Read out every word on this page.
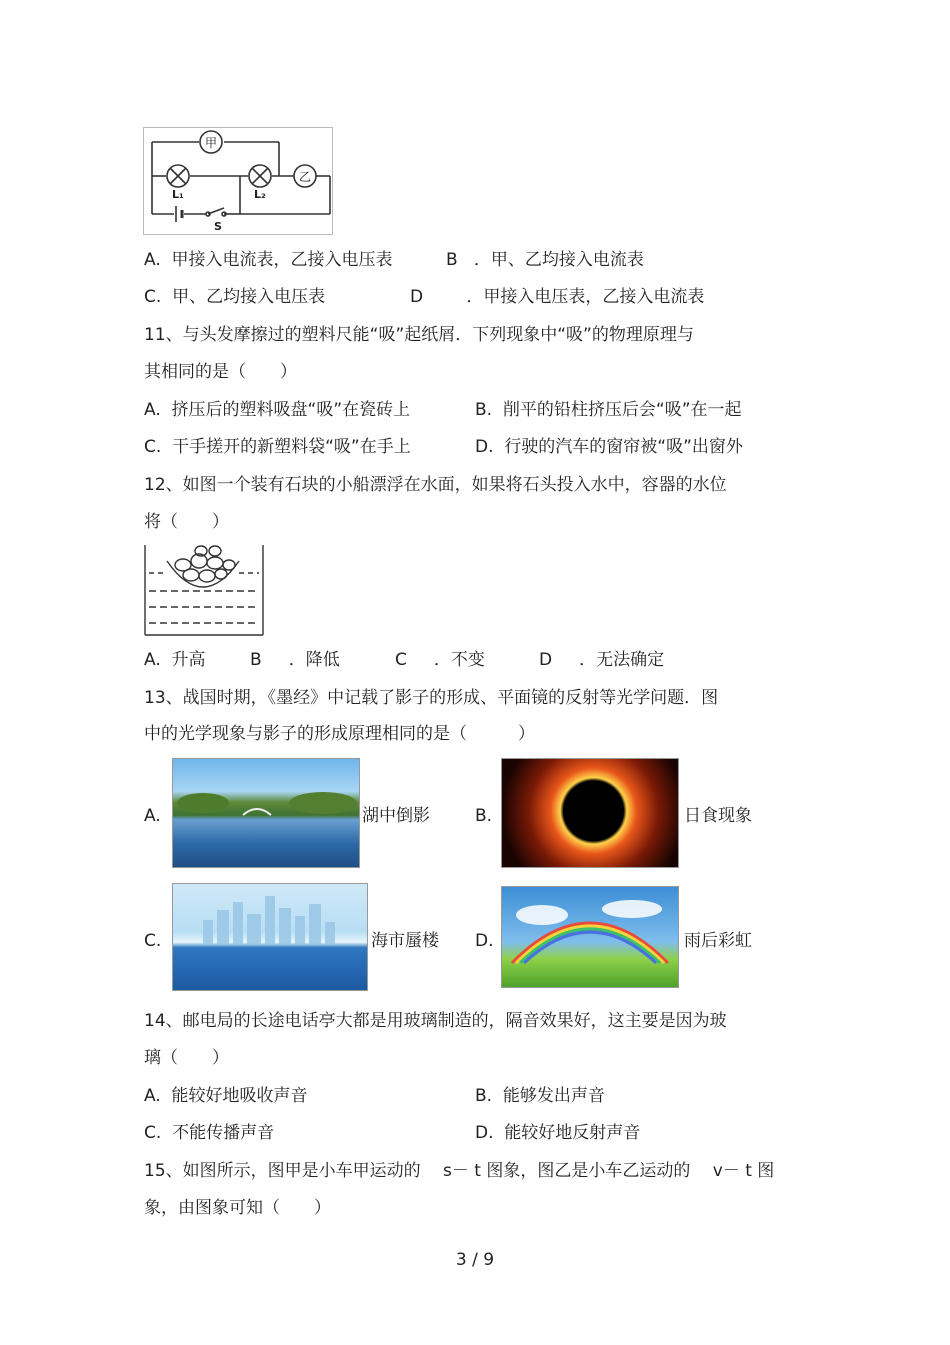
甲
乙
L₁	L₂
S
A. 甲接入电流表，乙接入电压表	B ．甲、乙均接入电流表
C. 甲、乙均接入电压表	D	．甲接入电压表，乙接入电流表
11、与头发摩擦过的塑料尺能“吸”起纸屑．下列现象中“吸”的物理原理与
其相同的是（　　）
A. 挤压后的塑料吸盘“吸”在瓷砖上	B. 削平的铅柱挤压后会“吸”在一起
C. 干手搓开的新塑料袋“吸”在手上	D. 行驶的汽车的窗帘被“吸”出窗外
12、如图一个装有石块的小船漂浮在水面，如果将石头投入水中，容器的水位
将（　　）
A. 升高	B ．降低	C ．不变	D ．无法确定
13、战国时期，《墨经》中记载了影子的形成、平面镜的反射等光学问题．图
中的光学现象与影子的形成原理相同的是（　　　）
A.	湖中倒影	B.	日食现象
C.	海市蜃楼 D.	雨后彩虹
14、邮电局的长途电话亭大都是用玻璃制造的，隔音效果好，这主要是因为玻
璃（　　）
A. 能较好地吸收声音	B. 能够发出声音
C. 不能传播声音	D. 能较好地反射声音
15、如图所示，图甲是小车甲运动的　 s－ t 图象，图乙是小车乙运动的　 v－ t 图
象，由图象可知（　　）
3 / 9
